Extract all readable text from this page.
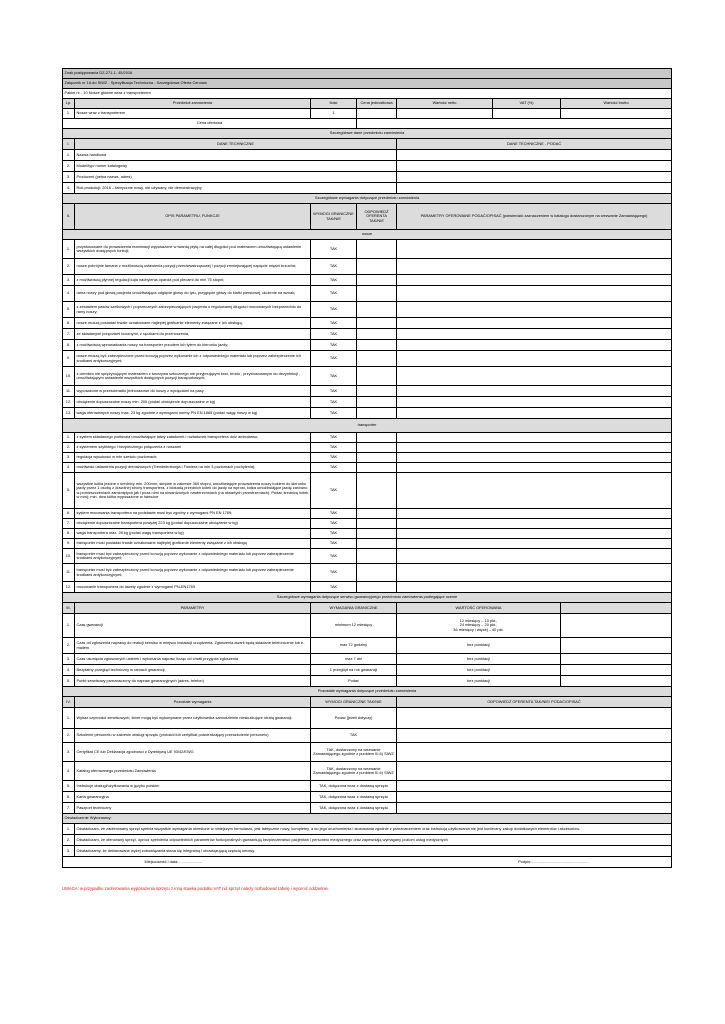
Znak postępowania DZ-271-1- 45/2016						
Załącznik nr 1A do SIWZ - Specyfikacja Techniczna - Szczegółowa Oferta Cenowa						
Pakiet nr - 10 Nosze główne wraz z transporterem						
Lp.	Przedmiot zamówienia	Ilość	Cena jednostkowa	Wartość netto	VAT (%)	Wartość brutto
1.	Nosze wraz z transporterem	1				
Cena ofertowa						
Szczegółowe dane przedmiotu zamówienia						
I.	DANE TECHNICZNE			DANE TECHNICZNE - PODAĆ		
1.	Nazwa handlowa					
2.	Model/typ/ numer katalogowy					
3.	Producent (pełna nazwa, adres)					
4.	Rok produkcji: 2016 – fabrycznie nowy, nie używany, nie demonstracyjny					
Szczegółowe wymagania dotyczące przedmiotu zamówienia						
II.	OPIS PARAMETRU, FUNKCJE	WYMOGI GRANICZNE TAK/NIE	ODPOWIEDŹ OFERENTA TAK/NIE	PARAMETRY OFEROWANE PODAĆ/OPISAĆ (potwierdzić zaznaczeniem w katalogu dostarczonym na wezwanie Zamawiającego)		
nosze						
1.	przystosowane do prowadzenia reanimacji wyposażone w twardą płytę na całej długości pod materacem umożliwiającą ustawienie wszystkich dostępnych funkcji;	TAK				
2.	nosze pobrójnie łamane z możliwością ustawienia pozycji przeciwwstrząsowej i pozycji zmniejszającej napięcie mięśni brzucha;	TAK				
3.	z możliwością płynnej regulacji kąta nachylenia oparcia pod plecami do min 75 stopni;	TAK				
4.	rama noszy pod głową pacjenta umożliwiająca odgięcie głowy do tyłu, przygięcie głowy do klatki piersiowej, ułożenie na wznak;	TAK				
5.	z zestawem pasów szelkowych i poprzecznych zabezpieczających pacjenta o regulowanej długości mocowanych bezpośrednio do ramy noszy;	TAK				
6.	nosze muszą posiadać trwale oznakowane najlepiej graficznie elementy związane z ich obsługą;	TAK				
7.	ze składanymi poręczami bocznymi, z rączkami do przenoszenia,	TAK				
8.	z możliwością wprowadzania noszy na transporter przodem lub tyłem do kierunku jazdy;	TAK				
9.	nosze muszą być zabezpieczone przed korozją poprzez wykonanie ich z odpowiedniego materiału lub poprzez zabezpieczenie ich środkami antykorozyjnymi;	TAK				
10.	z ciemkim nie sprężynującym materacem z tworzywa sztucznego nie przyjmującym krwi, brudu , przystosowanym do dezynfekcji , umożliwiającym ustawienie wszystkich dostępnych pozycji transportowych;	TAK				
11.	wyposażone w prześcieradło jednorazowe do noszy z wycięciami na pasy	TAK				
12.	obciążenie dopuszczalne noszy min. 200 (podać obciążenie dopuszczalne w kg)	TAK				
13.	waga oferowanych noszy max. 23 kg zgodnie z wymogami normy PN EN 1865 (podać wagę noszy w kg)	TAK				
transporter						
1.	z system składanego podwozia umożliwiające łatwy załadunek i rozładunek transportera do/z ambulansu;	TAK				
2.	z systemem szybkiego i bezpiecznego połączenia z noszami	TAK				
3.	regulacja wysokości w min sześciu poziomach;	TAK				
4.	możliwość ustawienia pozycji drenażowych (Trendelenburga i Fowlera na min 3 poziomach pochylenia);	TAK				
5.	wszystkie kółka jezdne o średnicy min. 200mm, skrętne w zakresie 360 stopni, umożliwiające prowadzenia noszy bokiem do kierunku jazdy przez 1 osobę z dowolnej strony transportera, z blokadą przednich kółek do jazdy na wprost, kółka umożliwiające jazdę zarówno w pomieszczeniach zamkniętych jak i poza nimi na utwardzonych nawierzchniach (na otwartych przestrzeniach). Podać średnicę kółek w mm); min. dwa kółka wyposażone w hamulce	TAK				
6.	system mocowania transportera na podstawie musi być zgodny z wymogami PN EN 1789;	TAK				
7.	obciążenie dopuszczalne transportera powyżej 223 kg (podać dopuszczalne obciążenie w kg)	TAK				
8.	waga transportera max. 28 kg (podać wagę transportera w kg)	TAK				
9.	transporter musi posiadać trwale oznakowane najlepiej graficznie elementy związane z ich obsługą	TAK				
10.	transporter musi być zabezpieczony przed korozją poprzez wykonanie z odpowiedniego materiału lub poprzez zabezpieczenie środkami antykorozyjnymi;	TAK				
11.	transporter musi być zabezpieczony przed korozją poprzez wykonanie z odpowiedniego materiału lub poprzez zabezpieczenie środkami antykorozyjnymi;	TAK				
12.	mocowanie transportera do lawety zgodnie z wymogami PN-EN1789	TAK				
Szczegółowe wymagania dotyczące serwisu gwarancyjnego przedmiotu zamówienia podlegające ocenie						
III.	PARAMETRY	WYMAGANIA GRANICZNE		WARTOŚĆ OFEROWANA		
1.	Czas gwarancji	minimum 12 miesięcy		12 miesięcy – 10 pkt.,
24 miesięcy – 20 pkt.,
36 miesięcy i więcej – 40 pkt.		
2.	Czas od zgłoszenia naprawy do reakcji serwisu w miejscu instalacji urządzenia. Zgłoszenia awarii będą składane telefonicznie lub e-mailem	max 72 godziny		bez punktacji		
3.	Czas usunięcia zgłoszonych usterek i wykonania napraw, licząc od chwili przyjęcia zgłoszenia	max 7 dni		bez punktacji		
4.	Bezpłatny przegląd techniczny w ramach gwarancji,	1 przegląd na rok gwarancji		bez punktacji		
5.	Punkt serwisowy przeznaczony do napraw gwarancyjnych (adres, telefon)	Podać		bez punktacji		
Pozostałe wymagania dotyczące przedmiotu zamówienia						
IV.	Pozostałe wymagania	WYMOGI GRANICZNE TAK/NIE		ODPOWIEDŹ OFERENTA TAK/NIE/ PODAĆ/OPISAĆ		
1.	Wykaz czynności serwisowych, które mogą być wykonywane przez użytkownika samodzielnie nieskutkujące utratą gwarancji.	Podać (jeżeli dotyczy)				
2.	Szkolenie personelu w zakresie obsługi sprzętu (protokół lub certyfikat potwierdzający przeszkolenie personelu)	TAK				
3.	Certyfikat CE lub Deklaracja zgodności z Dyrektywą UE 93/42/EWG	TAK, dostarczony na wezwanie Zamawiającego zgodnie z punktem III.6) SIWZ				
4.	Katalog oferowanego przedmiotu Zamówienia	TAK, dostarczony na wezwanie Zamawiającego zgodnie z punktem III.6) SIWZ				
5.	Instrukcje obsługi/użytkowania w języku polskim	TAK, dołączona wraz z dostawą sprzętu				
6.	Karta gwarancyjna	TAK, dołączona wraz z dostawą sprzętu				
7.	Paszport techniczny	TAK, dołączona wraz z dostawą sprzętu				
Oświadczenie Wykonawcy:						
1.	Oświadczam, że zaoferowany sprzęt spełnia wszystkie wymagania określone w niniejszym formularzu, jest fabrycznie nowy, kompletny, a do jego uruchomienia i stosowania zgodnie z przeznaczeniem oraz instrukcją użytkowania nie jest konieczny zakup dodatkowych elementów i akcesoriów.					
2.	Oświadczam, że oferowany sprzęt, oprócz spełnienia odpowiednich parametrów funkcjonalnych gwarantują bezpieczeństwo pacjentów i personelu medycznego oraz zapewniają wymagany poziom usług medycznych					
3.	Oświadczamy, że deklarowane wyżej zobowiązania stana się integralną i obowiązującą częścią umowy.					

Miejscowość i data:...................... Podpis:......................................................						
UWAGA: w przypadku zaoferowania wyposażenia sprzętu z inną stawką podatku VAT niż sprzęt należy rozbudować tabelę i wycenić oddzielnie.
